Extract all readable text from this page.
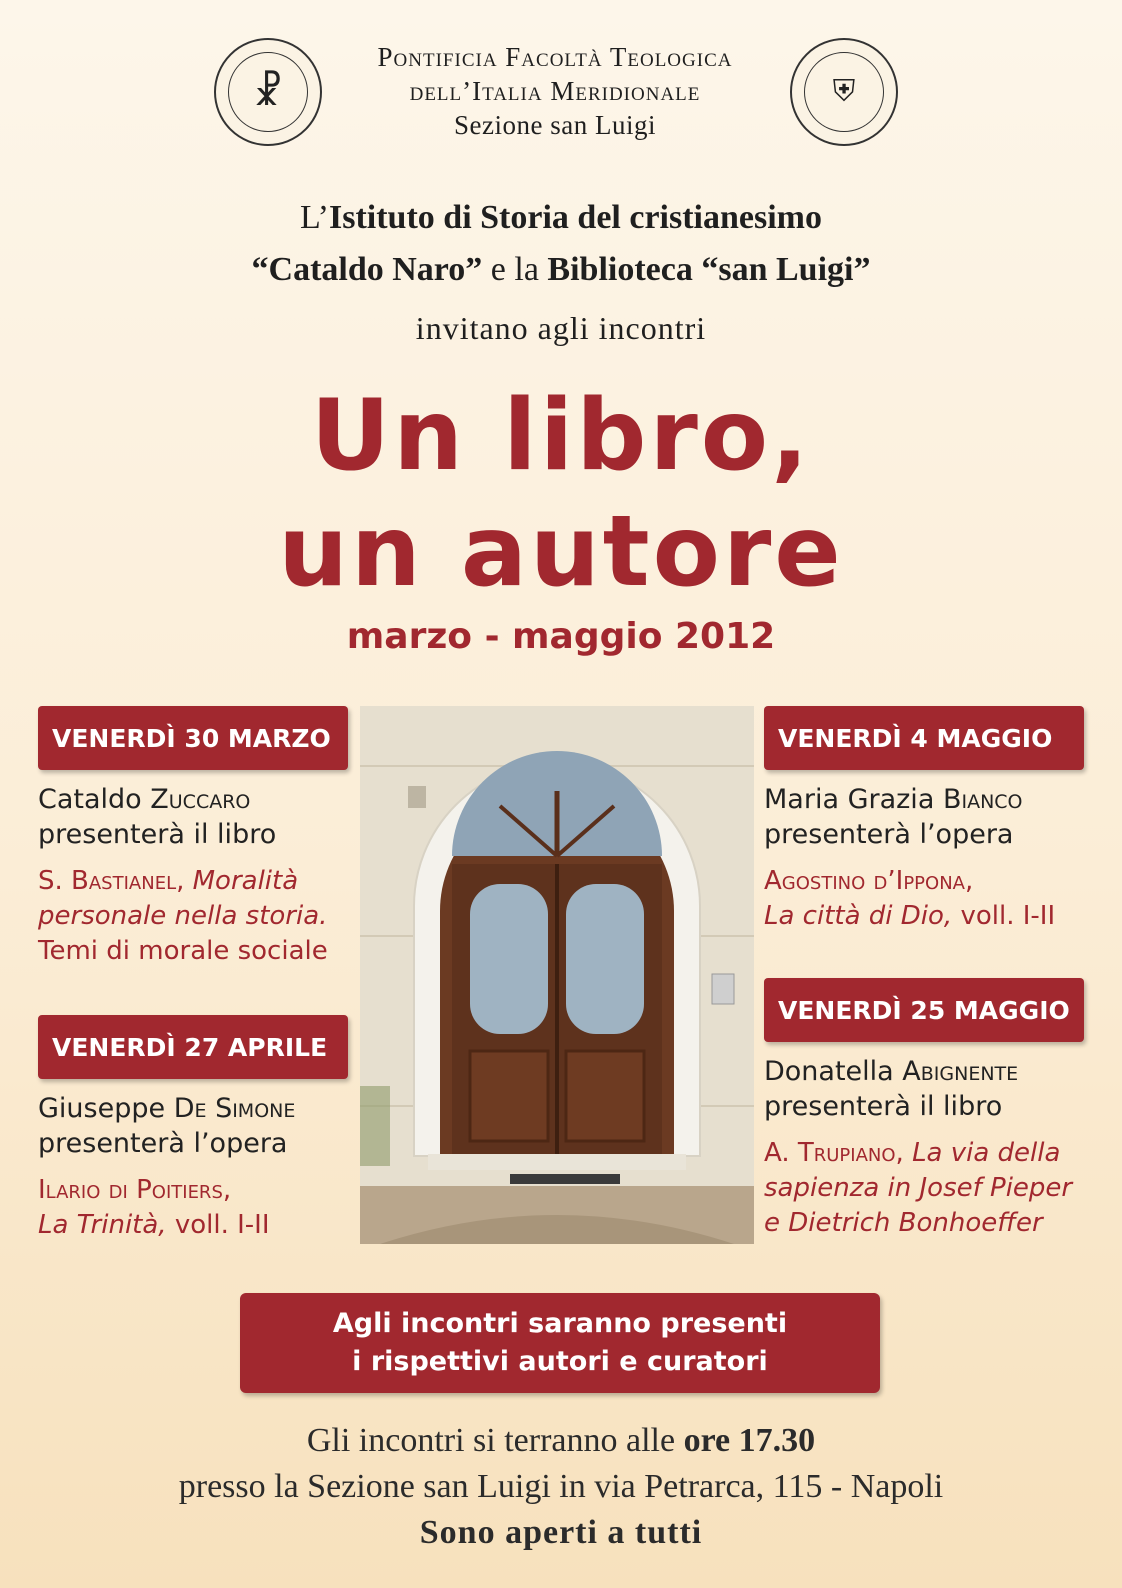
☧	⛨
Pontificia Facoltà Teologica
dell’Italia Meridionale
Sezione san Luigi
L’Istituto di Storia del cristianesimo
“Cataldo Naro” e la Biblioteca “san Luigi”
invitano agli incontri
Un libro,
un autore
marzo - maggio 2012
VENERDÌ 30 MARZO
Cataldo Zuccaro
presenterà il libro
S. Bastianel, Moralità personale nella storia.
Temi di morale sociale
VENERDÌ 27 APRILE
Giuseppe De Simone
presenterà l’opera
Ilario di Poitiers,
La Trinità, voll. I-II
VENERDÌ 4 MAGGIO
Maria Grazia Bianco
presenterà l’opera
Agostino d’Ippona,
La città di Dio, voll. I-II
VENERDÌ 25 MAGGIO
Donatella Abignente
presenterà il libro
A. Trupiano, La via della sapienza in Josef Pieper e Dietrich Bonhoeffer
Agli incontri saranno presenti
i rispettivi autori e curatori
Gli incontri si terranno alle ore 17.30
presso la Sezione san Luigi in via Petrarca, 115 - Napoli
Sono aperti a tutti
